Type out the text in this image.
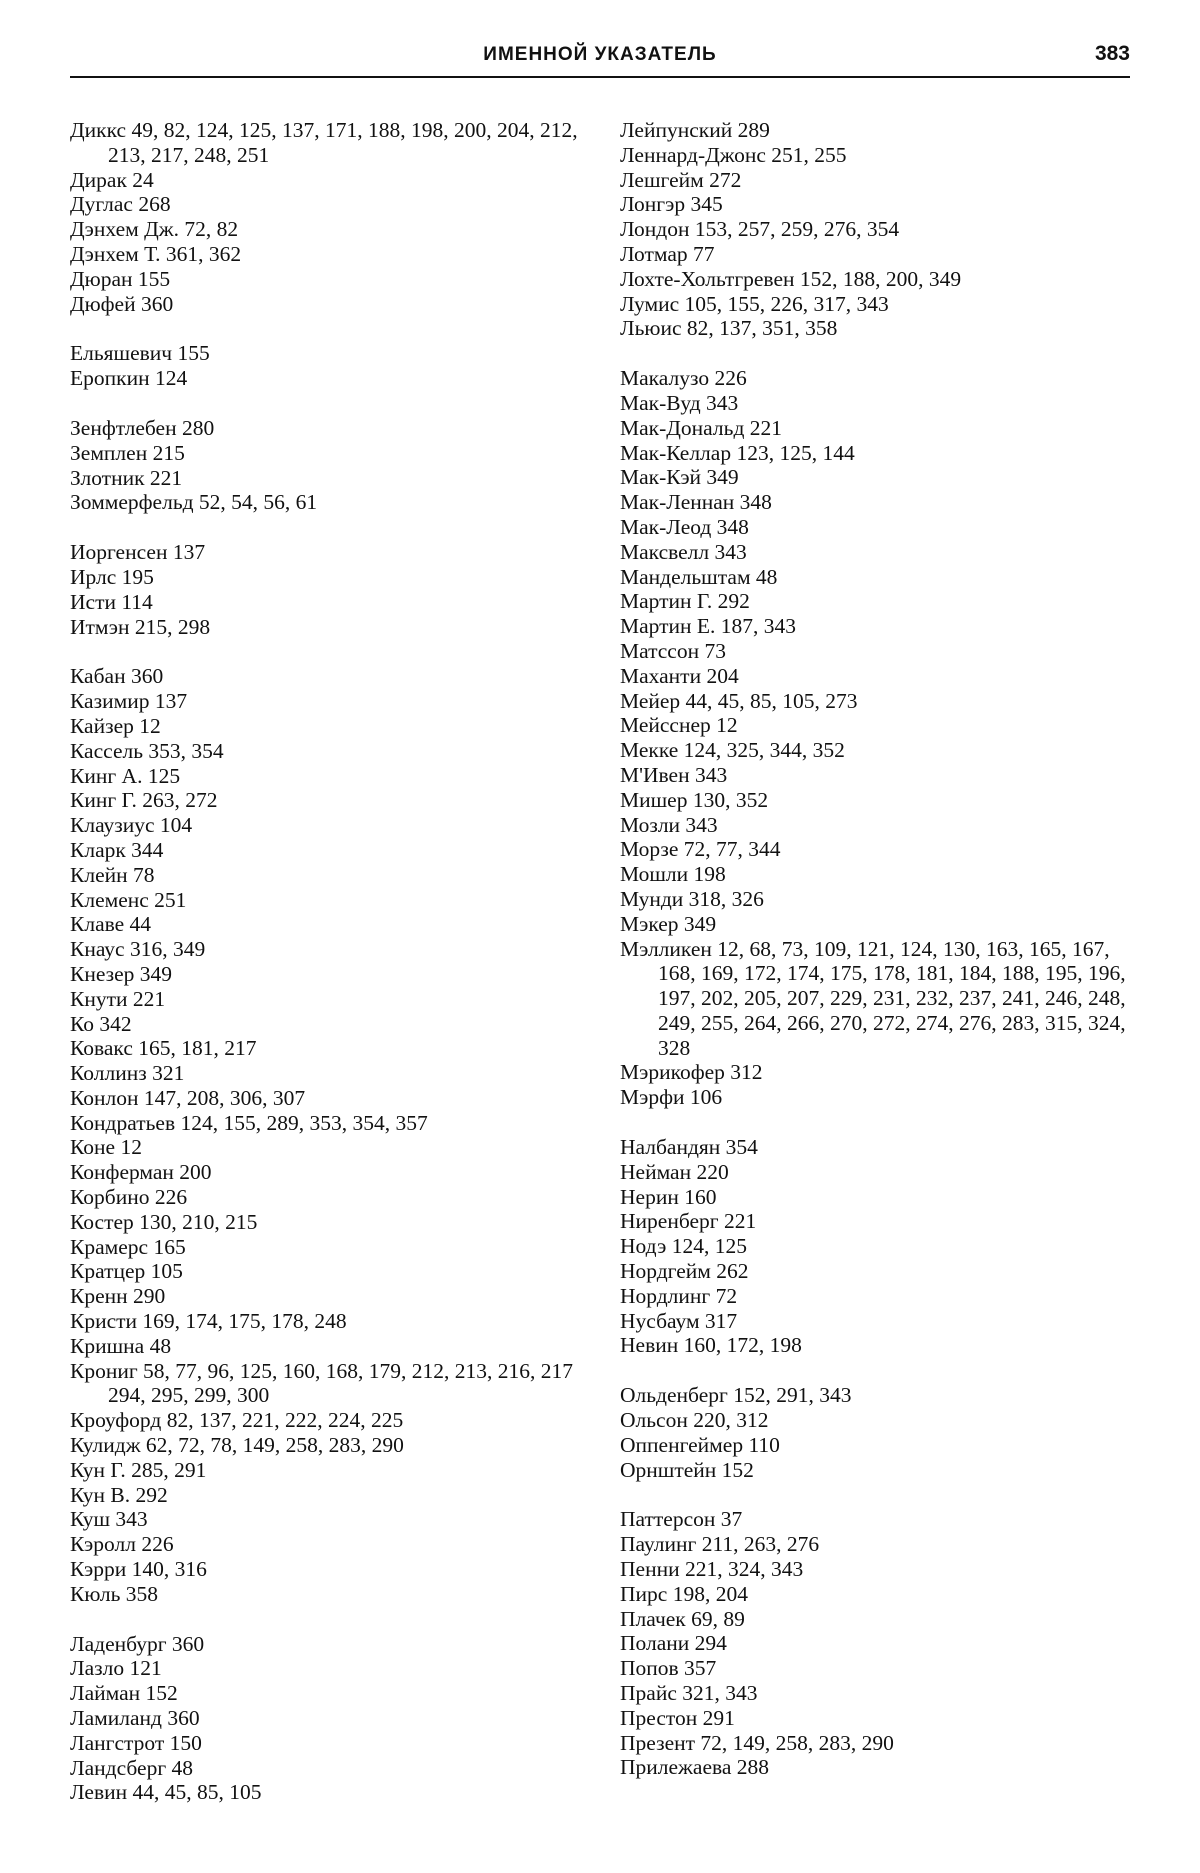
ИМЕННОЙ УКАЗАТЕЛЬ	383
Диккс 49, 82, 124, 125, 137, 171, 188, 198, 200, 204, 212, 213, 217, 248, 251
Дирак 24
Дуглас 268
Дэнхем Дж. 72, 82
Дэнхем Т. 361, 362
Дюран 155
Дюфей 360
Ельяшевич 155
Еропкин 124
Зенфтлебен 280
Земплен 215
Злотник 221
Зоммерфельд 52, 54, 56, 61
Иоргенсен 137
Ирлс 195
Исти 114
Итмэн 215, 298
Кабан 360
Казимир 137
Кайзер 12
Кассель 353, 354
Кинг А. 125
Кинг Г. 263, 272
Клаузиус 104
Кларк 344
Клейн 78
Клеменс 251
Клаве 44
Кнаус 316, 349
Кнезер 349
Кнути 221
Ко 342
Ковакс 165, 181, 217
Коллинз 321
Конлон 147, 208, 306, 307
Кондратьев 124, 155, 289, 353, 354, 357
Коне 12
Конферман 200
Корбино 226
Костер 130, 210, 215
Крамерс 165
Кратцер 105
Кренн 290
Кристи 169, 174, 175, 178, 248
Кришна 48
Крониг 58, 77, 96, 125, 160, 168, 179, 212, 213, 216, 217 294, 295, 299, 300
Кроуфорд 82, 137, 221, 222, 224, 225
Кулидж 62, 72, 78, 149, 258, 283, 290
Кун Г. 285, 291
Кун В. 292
Куш 343
Кэролл 226
Кэрри 140, 316
Кюль 358
Ладенбург 360
Лазло 121
Лайман 152
Ламиланд 360
Лангстрот 150
Ландсберг 48
Левин 44, 45, 85, 105
Лейпунский 289
Леннард-Джонс 251, 255
Лешгейм 272
Лонгэр 345
Лондон 153, 257, 259, 276, 354
Лотмар 77
Лохте-Хольтгревен 152, 188, 200, 349
Лумис 105, 155, 226, 317, 343
Льюис 82, 137, 351, 358
Макалузо 226
Мак-Вуд 343
Мак-Дональд 221
Мак-Келлар 123, 125, 144
Мак-Кэй 349
Мак-Леннан 348
Мак-Леод 348
Максвелл 343
Мандельштам 48
Мартин Г. 292
Мартин Е. 187, 343
Матссон 73
Маханти 204
Мейер 44, 45, 85, 105, 273
Мейсснер 12
Мекке 124, 325, 344, 352
М'Ивен 343
Мишер 130, 352
Мозли 343
Морзе 72, 77, 344
Мошли 198
Мунди 318, 326
Мэкер 349
Мэлликен 12, 68, 73, 109, 121, 124, 130, 163, 165, 167, 168, 169, 172, 174, 175, 178, 181, 184, 188, 195, 196, 197, 202, 205, 207, 229, 231, 232, 237, 241, 246, 248, 249, 255, 264, 266, 270, 272, 274, 276, 283, 315, 324, 328
Мэрикофер 312
Мэрфи 106
Налбандян 354
Нейман 220
Нерин 160
Ниренберг 221
Нодэ 124, 125
Нордгейм 262
Нордлинг 72
Нусбаум 317
Невин 160, 172, 198
Ольденберг 152, 291, 343
Ольсон 220, 312
Оппенгеймер 110
Орнштейн 152
Паттерсон 37
Паулинг 211, 263, 276
Пенни 221, 324, 343
Пирс 198, 204
Плачек 69, 89
Полани 294
Попов 357
Прайс 321, 343
Престон 291
Презент 72, 149, 258, 283, 290
Прилежаева 288
